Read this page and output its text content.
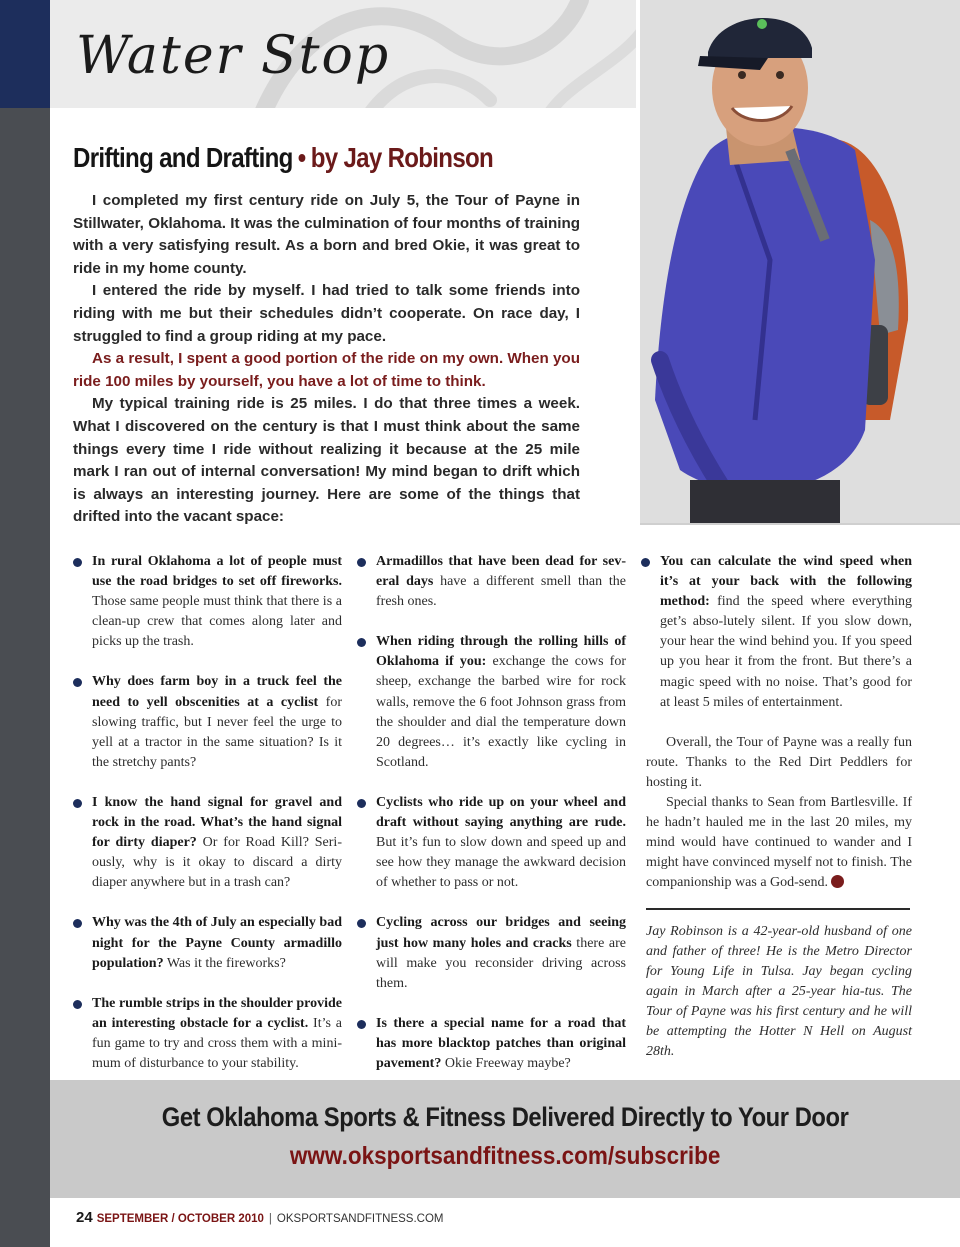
Water Stop
Drifting and Drafting • by Jay Robinson

I completed my first century ride on July 5, the Tour of Payne in Stillwater, Oklahoma. It was the culmination of four months of training with a very satisfying result. As a born and bred Okie, it was great to ride in my home county.

I entered the ride by myself. I had tried to talk some friends into riding with me but their schedules didn’t cooperate. On race day, I struggled to find a group riding at my pace.

As a result, I spent a good portion of the ride on my own. When you ride 100 miles by yourself, you have a lot of time to think.

My typical training ride is 25 miles. I do that three times a week. What I discovered on the century is that I must think about the same things every time I ride without realizing it because at the 25 mile mark I ran out of internal conversation! My mind began to drift which is always an interesting journey. Here are some of the things that drifted into the vacant space:

In rural Oklahoma a lot of people must use the road bridges to set off fireworks. Those same people must think that there is a clean-up crew that comes along later and picks up the trash.
Why does farm boy in a truck feel the need to yell obscenities at a cyclist for slowing traffic, but I never feel the urge to yell at a tractor in the same situation? Is it the stretchy pants?
I know the hand signal for gravel and rock in the road. What’s the hand signal for dirty diaper? Or for Road Kill? Seri-ously, why is it okay to discard a dirty diaper anywhere but in a trash can?
Why was the 4th of July an especially bad night for the Payne County armadillo population? Was it the fireworks?
The rumble strips in the shoulder provide an interesting obstacle for a cyclist. It’s a fun game to try and cross them with a mini-mum of disturbance to your stability.
Armadillos that have been dead for sev-eral days have a different smell than the fresh ones.
When riding through the rolling hills of Oklahoma if you: exchange the cows for sheep, exchange the barbed wire for rock walls, remove the 6 foot Johnson grass from the shoulder and dial the temperature down 20 degrees… it’s exactly like cycling in Scotland.
Cyclists who ride up on your wheel and draft without saying anything are rude. But it’s fun to slow down and speed up and see how they manage the awkward decision of whether to pass or not.
Cycling across our bridges and seeing just how many holes and cracks there are will make you reconsider driving across them.
Is there a special name for a road that has more blacktop patches than original pavement? Okie Freeway maybe?
You can calculate the wind speed when it’s at your back with the following method: find the speed where everything get’s abso-lutely silent. If you slow down, your hear the wind behind you. If you speed up you hear it from the front. But there’s a magic speed with no noise. That’s good for at least 5 miles of entertainment.

Overall, the Tour of Payne was a really fun route. Thanks to the Red Dirt Peddlers for hosting it.

Special thanks to Sean from Bartlesville. If he hadn’t hauled me in the last 20 miles, my mind would have continued to wander and I might have convinced myself not to finish. The companionship was a God-send.

Jay Robinson is a 42-year-old husband of one and father of three! He is the Metro Director for Young Life in Tulsa. Jay began cycling again in March after a 25-year hia-tus. The Tour of Payne was his first century and he will be attempting the Hotter N Hell on August 28th.

Get Oklahoma Sports & Fitness Delivered Directly to Your Door
www.oksportsandfitness.com/subscribe
24 SEPTEMBER / OCTOBER 2010 | OKSPORTSANDFITNESS.COM
